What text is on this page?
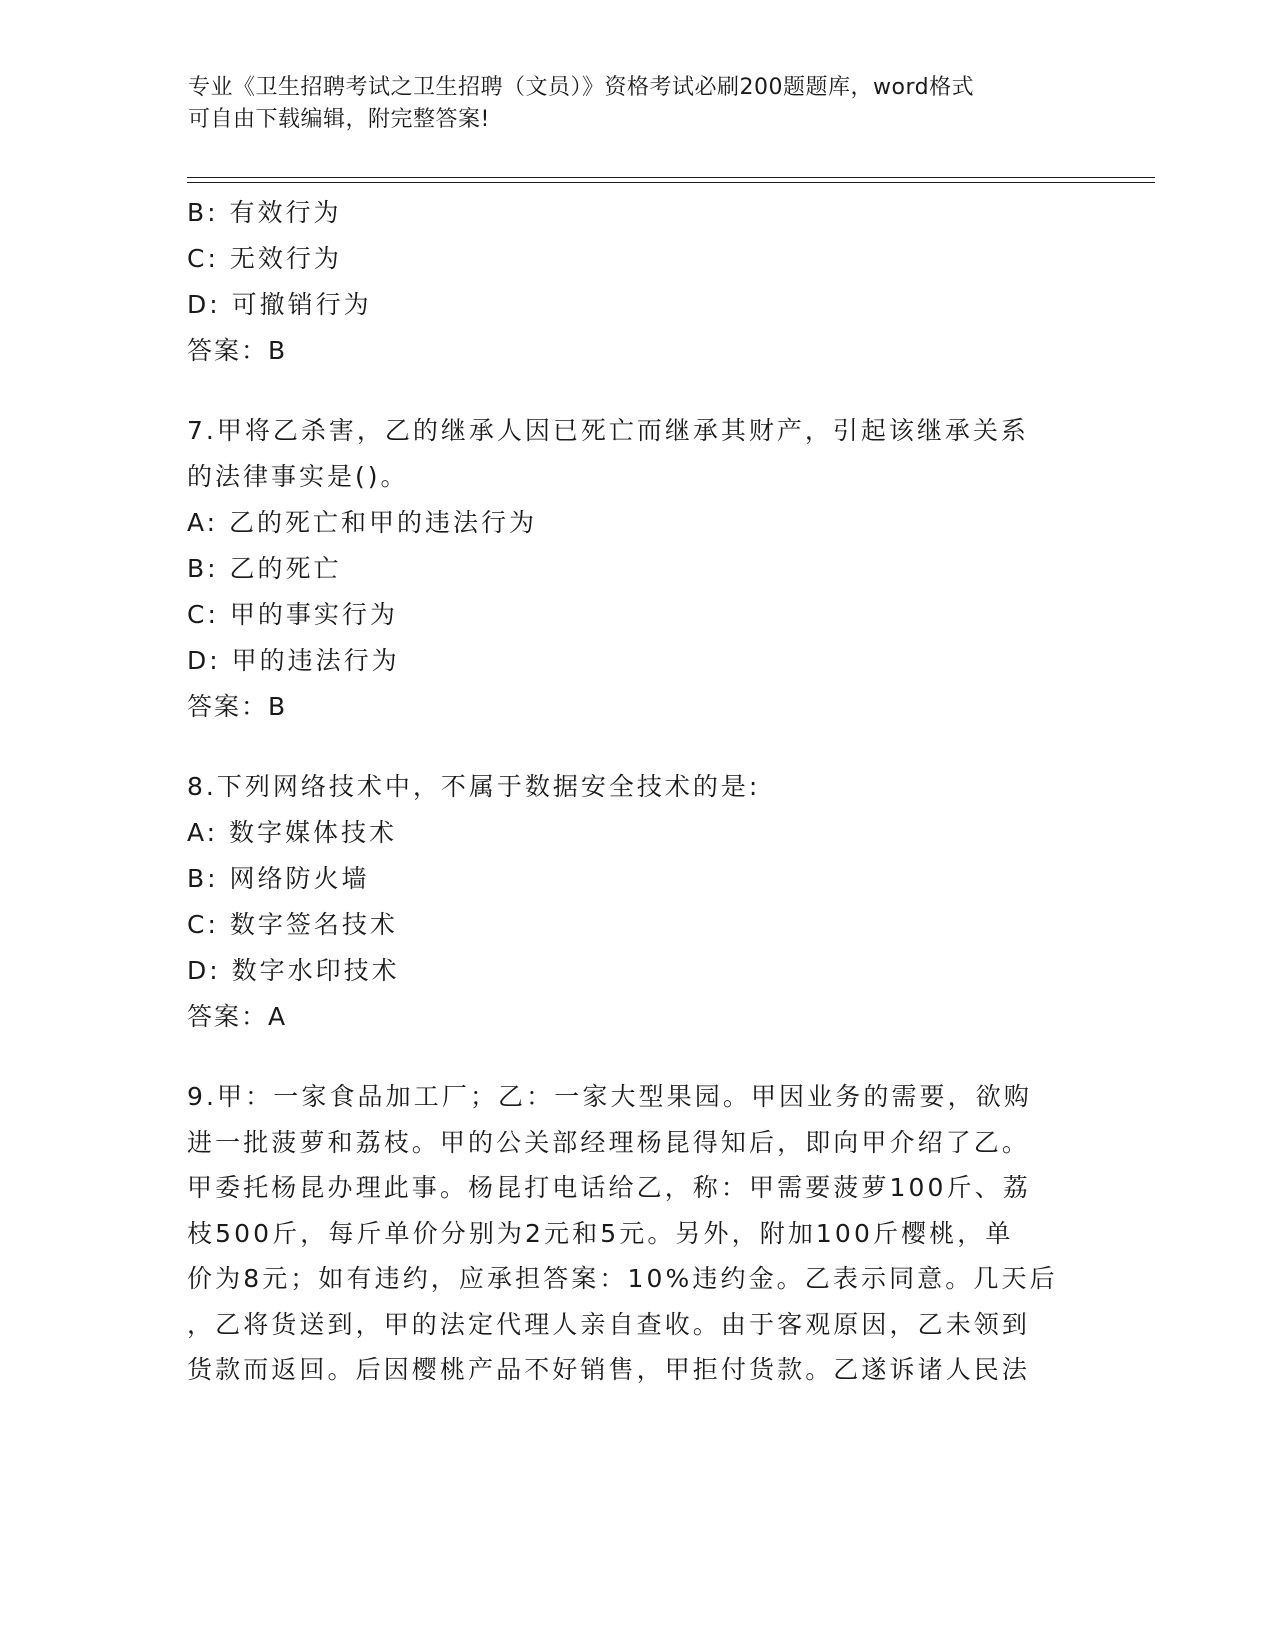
专业《卫生招聘考试之卫生招聘（文员）》资格考试必刷200题题库，word格式
可自由下载编辑，附完整答案!
B: 有效行为
C: 无效行为
D: 可撤销行为
答案：B
7.甲将乙杀害，乙的继承人因已死亡而继承其财产，引起该继承关系
的法律事实是()。
A: 乙的死亡和甲的违法行为
B: 乙的死亡
C: 甲的事实行为
D: 甲的违法行为
答案：B
8.下列网络技术中，不属于数据安全技术的是:
A: 数字媒体技术
B: 网络防火墙
C: 数字签名技术
D: 数字水印技术
答案：A
9.甲：一家食品加工厂；乙：一家大型果园。甲因业务的需要，欲购
进一批菠萝和荔枝。甲的公关部经理杨昆得知后，即向甲介绍了乙。
甲委托杨昆办理此事。杨昆打电话给乙，称：甲需要菠萝100斤、荔
枝500斤，每斤单价分别为2元和5元。另外，附加100斤樱桃，单
价为8元；如有违约，应承担答案：10%违约金。乙表示同意。几天后
，乙将货送到，甲的法定代理人亲自查收。由于客观原因，乙未领到
货款而返回。后因樱桃产品不好销售，甲拒付货款。乙遂诉诸人民法
